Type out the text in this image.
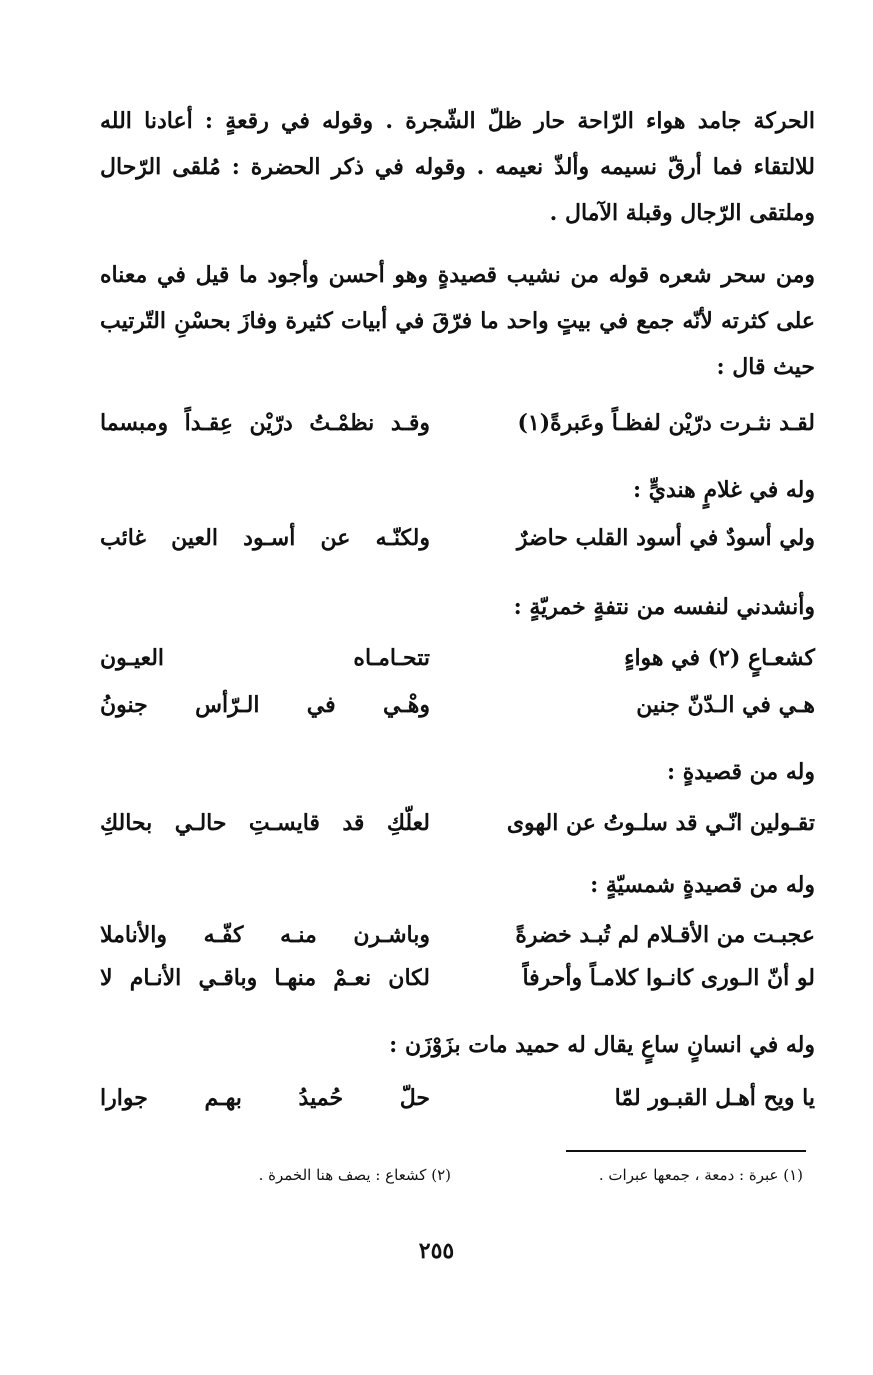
الحركة جامد هواء الرّاحة حار ظلّ الشّجرة . وقوله في رقعةٍ : أعادنا الله للالتقاء فما أرقّ نسيمه وألذّ نعيمه . وقوله في ذكر الحضرة : مُلقى الرّحال وملتقى الرّجال وقبلة الآمال .
ومن سحر شعره قوله من نشيب قصيدةٍ وهو أحسن وأجود ما قيل في معناه على كثرته لأنّه جمع في بيتٍ واحد ما فرّقَ في أبيات كثيرة وفازَ بحسْنِ التّرتيب حيث قال :
لقـد نثـرت درّيْن لفظـاً وعَبرةً(١)
وقـد نظمْـتُ درّيْن عِقـداً ومبسما
وله في غلامٍ هنديٍّ :
ولي أسودٌ في أسود القلب حاضرٌ
ولكنّـه عن أسـود العين غائب
وأنشدني لنفسه من نتفةٍ خمريّةٍ :
كشعـاعٍ (٢) في هواءٍ
تتحـامـاه العيـون
هـي في الـدّنّ جنين
وهْـي في الـرّأس جنونُ
وله من قصيدةٍ :
تقـولين انّـي قد سلـوتُ عن الهوى
لعلّكِ قد قايسـتِ حالـي بحالكِ
وله من قصيدةٍ شمسيّةٍ :
عجبـت من الأقـلام لم تُبـد خضرةً
وباشـرن منـه كفّـه والأناملا
لو أنّ الـورى كانـوا كلامـاً وأحرفاً
لكان نعـمْ منهـا وباقـي الأنـام لا
وله في انسانٍ ساعٍ يقال له حميد مات بزَوْزَن :
يا ويح أهـل القبـور لمّا
حلّ حُميدُ بهـم جوارا
(١) عبرة : دمعة ، جمعها عبرات .
(٢) كشعاع : يصف هنا الخمرة .
٢٥٥
